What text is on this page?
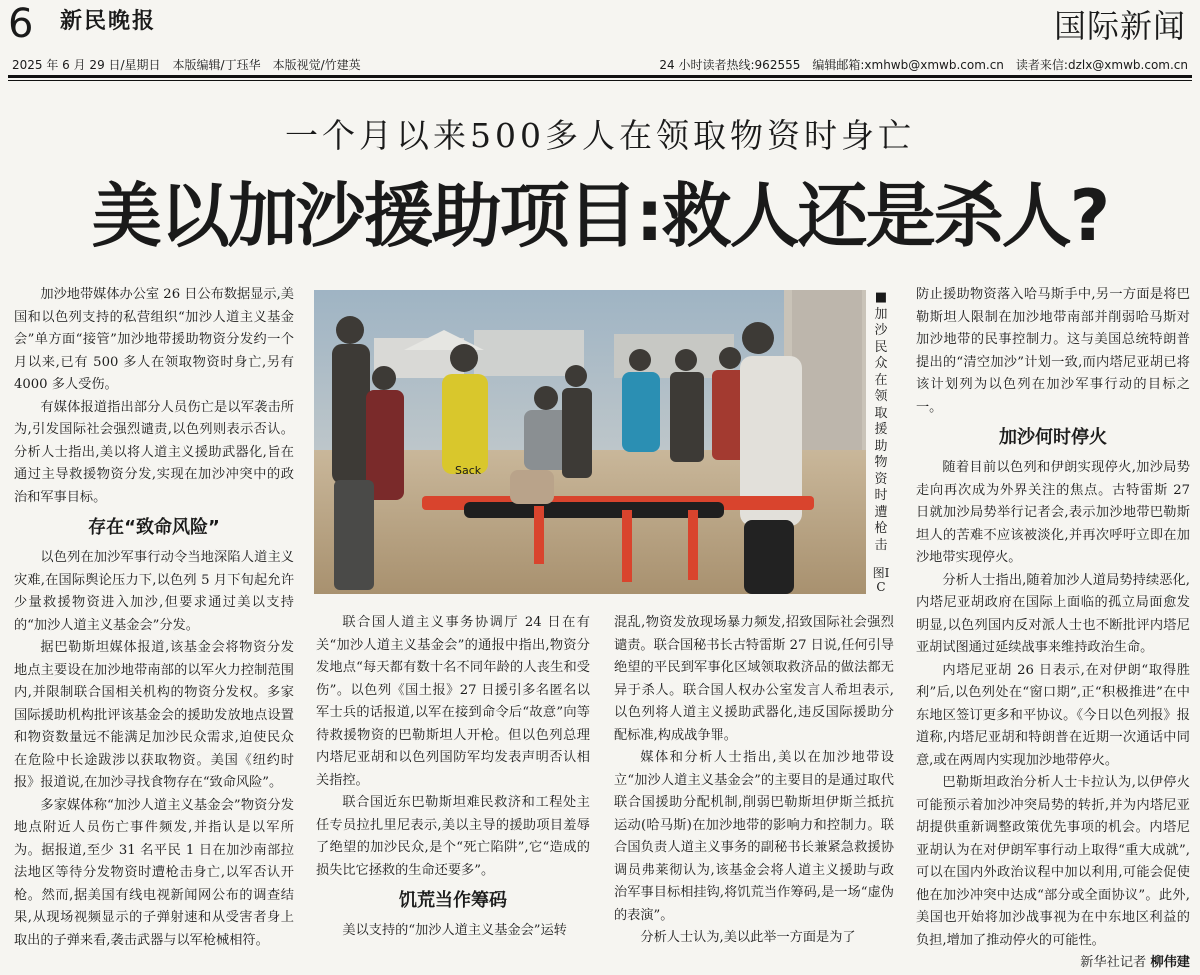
6 新民晚报	国际新闻
2025 年 6 月 29 日/星期日　本版编辑/丁珏华　本版视觉/竹建英	24 小时读者热线:962555　编辑邮箱:xmhwb@xmwb.com.cn　读者来信:dzlx@xmwb.com.cn
一个月以来500多人在领取物资时身亡
美以加沙援助项目:救人还是杀人?

加沙地带媒体办公室 26 日公布数据显示,美国和以色列支持的私营组织“加沙人道主义基金会”单方面“接管”加沙地带援助物资分发约一个月以来,已有 500 多人在领取物资时身亡,另有 4000 多人受伤。

有媒体报道指出部分人员伤亡是以军袭击所为,引发国际社会强烈谴责,以色列则表示否认。分析人士指出,美以将人道主义援助武器化,旨在通过主导救援物资分发,实现在加沙冲突中的政治和军事目标。

存在“致命风险”

以色列在加沙军事行动令当地深陷人道主义灾难,在国际舆论压力下,以色列 5 月下旬起允许少量救援物资进入加沙,但要求通过美以支持的“加沙人道主义基金会”分发。

据巴勒斯坦媒体报道,该基金会将物资分发地点主要设在加沙地带南部的以军火力控制范围内,并限制联合国相关机构的物资分发权。多家国际援助机构批评该基金会的援助发放地点设置和物资数量远不能满足加沙民众需求,迫使民众在危险中长途跋涉以获取物资。美国《纽约时报》报道说,在加沙寻找食物存在“致命风险”。

多家媒体称“加沙人道主义基金会”物资分发地点附近人员伤亡事件频发,并指认是以军所为。据报道,至少 31 名平民 1 日在加沙南部拉法地区等待分发物资时遭枪击身亡,以军否认开枪。然而,据美国有线电视新闻网公布的调查结果,从现场视频显示的子弹射速和从受害者身上取出的子弹来看,袭击武器与以军枪械相符。

Sack
■加沙民众在领取援助物资时遭枪击
图IC

联合国人道主义事务协调厅 24 日在有关“加沙人道主义基金会”的通报中指出,物资分发地点“每天都有数十名不同年龄的人丧生和受伤”。以色列《国土报》27 日援引多名匿名以军士兵的话报道,以军在接到命令后“故意”向等待救援物资的巴勒斯坦人开枪。但以色列总理内塔尼亚胡和以色列国防军均发表声明否认相关指控。

联合国近东巴勒斯坦难民救济和工程处主任专员拉扎里尼表示,美以主导的援助项目羞辱了绝望的加沙民众,是个“死亡陷阱”,它“造成的损失比它拯救的生命还要多”。

饥荒当作筹码

美以支持的“加沙人道主义基金会”运转

混乱,物资发放现场暴力频发,招致国际社会强烈谴责。联合国秘书长古特雷斯 27 日说,任何引导绝望的平民到军事化区域领取救济品的做法都无异于杀人。联合国人权办公室发言人希坦表示,以色列将人道主义援助武器化,违反国际援助分配标准,构成战争罪。

媒体和分析人士指出,美以在加沙地带设立“加沙人道主义基金会”的主要目的是通过取代联合国援助分配机制,削弱巴勒斯坦伊斯兰抵抗运动(哈马斯)在加沙地带的影响力和控制力。联合国负责人道主义事务的副秘书长兼紧急救援协调员弗莱彻认为,该基金会将人道主义援助与政治军事目标相挂钩,将饥荒当作筹码,是一场“虚伪的表演”。

分析人士认为,美以此举一方面是为了

防止援助物资落入哈马斯手中,另一方面是将巴勒斯坦人限制在加沙地带南部并削弱哈马斯对加沙地带的民事控制力。这与美国总统特朗普提出的“清空加沙”计划一致,而内塔尼亚胡已将该计划列为以色列在加沙军事行动的目标之一。

加沙何时停火

随着目前以色列和伊朗实现停火,加沙局势走向再次成为外界关注的焦点。古特雷斯 27 日就加沙局势举行记者会,表示加沙地带巴勒斯坦人的苦难不应该被淡化,并再次呼吁立即在加沙地带实现停火。

分析人士指出,随着加沙人道局势持续恶化,内塔尼亚胡政府在国际上面临的孤立局面愈发明显,以色列国内反对派人士也不断批评内塔尼亚胡试图通过延续战事来维持政治生命。

内塔尼亚胡 26 日表示,在对伊朗“取得胜利”后,以色列处在“窗口期”,正“积极推进”在中东地区签订更多和平协议。《今日以色列报》报道称,内塔尼亚胡和特朗普在近期一次通话中同意,或在两周内实现加沙地带停火。

巴勒斯坦政治分析人士卡拉认为,以伊停火可能预示着加沙冲突局势的转折,并为内塔尼亚胡提供重新调整政策优先事项的机会。内塔尼亚胡认为在对伊朗军事行动上取得“重大成就”,可以在国内外政治议程中加以利用,可能会促使他在加沙冲突中达成“部分或全面协议”。此外,美国也开始将加沙战事视为在中东地区利益的负担,增加了推动停火的可能性。

新华社记者 柳伟建
